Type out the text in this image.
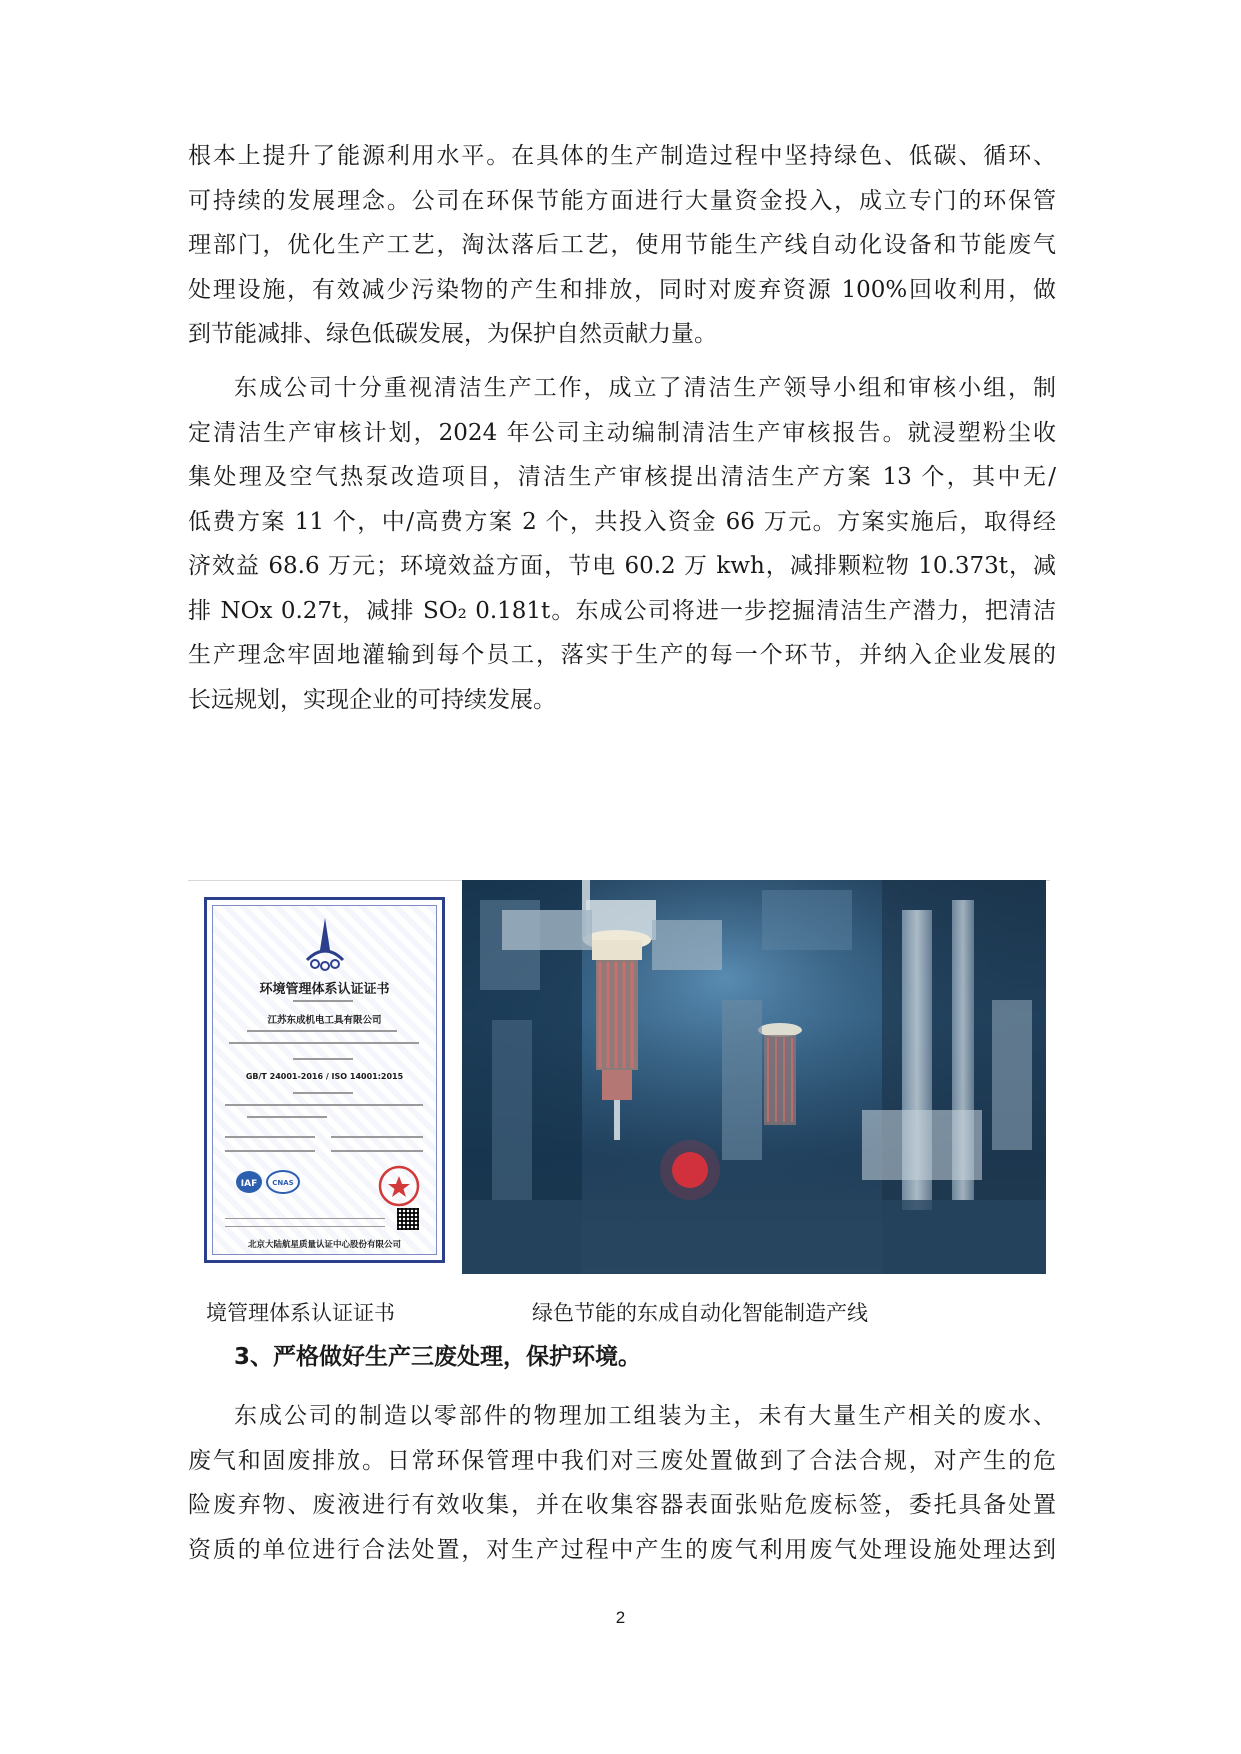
根本上提升了能源利用水平。在具体的生产制造过程中坚持绿色、低碳、循环、
可持续的发展理念。公司在环保节能方面进行大量资金投入，成立专门的环保管
理部门，优化生产工艺，淘汰落后工艺，使用节能生产线自动化设备和节能废气
处理设施，有效减少污染物的产生和排放，同时对废弃资源 100%回收利用，做
到节能减排、绿色低碳发展，为保护自然贡献力量。
东成公司十分重视清洁生产工作，成立了清洁生产领导小组和审核小组，制
定清洁生产审核计划，2024 年公司主动编制清洁生产审核报告。就浸塑粉尘收
集处理及空气热泵改造项目，清洁生产审核提出清洁生产方案 13 个，其中无/
低费方案 11 个，中/高费方案 2 个，共投入资金 66 万元。方案实施后，取得经
济效益 68.6 万元；环境效益方面，节电 60.2 万 kwh，减排颗粒物 10.373t，减
排 NOx 0.27t，减排 SO₂ 0.181t。东成公司将进一步挖掘清洁生产潜力，把清洁
生产理念牢固地灌输到每个员工，落实于生产的每一个环节，并纳入企业发展的
长远规划，实现企业的可持续发展。
环境管理体系认证证书
江苏东成机电工具有限公司
GB/T 24001-2016 / ISO 14001:2015
IAF CNAS
北京大陆航星质量认证中心股份有限公司
境管理体系认证证书	绿色节能的东成自动化智能制造产线
3、严格做好生产三废处理，保护环境。
东成公司的制造以零部件的物理加工组装为主，未有大量生产相关的废水、
废气和固废排放。日常环保管理中我们对三废处置做到了合法合规，对产生的危
险废弃物、废液进行有效收集，并在收集容器表面张贴危废标签，委托具备处置
资质的单位进行合法处置，对生产过程中产生的废气利用废气处理设施处理达到
2
